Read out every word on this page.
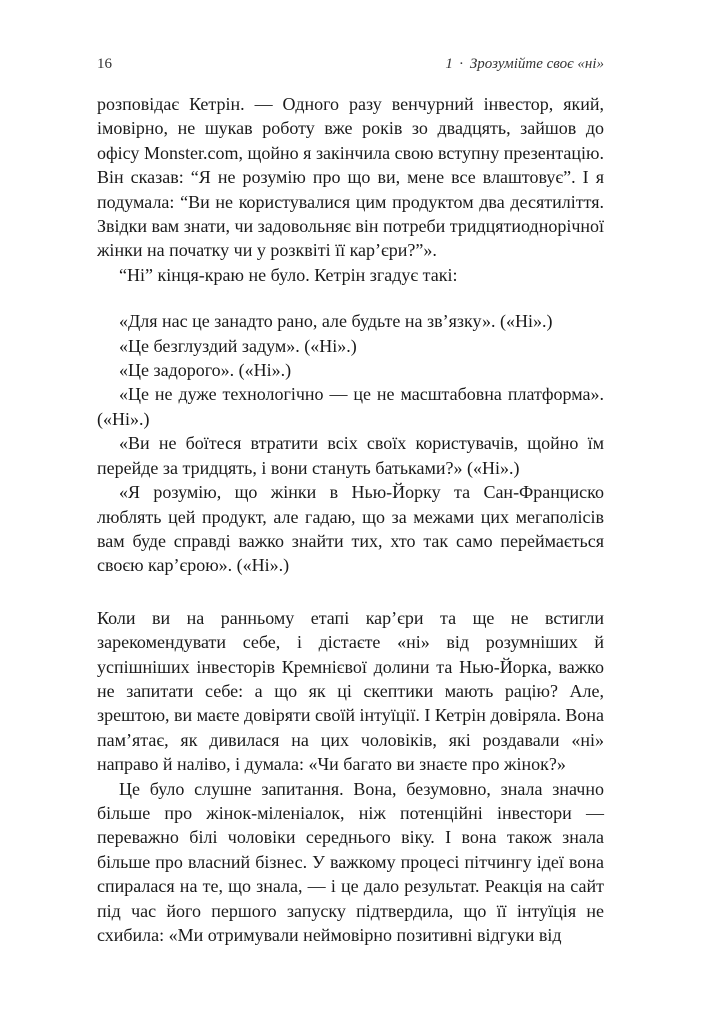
16	1 · Зрозумійте своє «ні»

розповідає Кетрін. — Одного разу венчурний інвестор, який, імовірно, не шукав роботу вже років зо двадцять, зайшов до офісу Monster.com, щойно я закінчила свою вступну презентацію. Він сказав: “Я не розумію про що ви, мене все влаштовує”. І я подумала: “Ви не користувалися цим продуктом два десятиліття. Звідки вам знати, чи задовольняє він потреби тридцятиоднорічної жінки на початку чи у розквіті її кар’єри?”».

“Ні” кінця-краю не було. Кетрін згадує такі:

«Для нас це занадто рано, але будьте на зв’язку». («Ні».)

«Це безглуздий задум». («Ні».)

«Це задорого». («Ні».)

«Це не дуже технологічно — це не масштабовна платформа». («Ні».)

«Ви не боїтеся втратити всіх своїх користувачів, щойно їм перейде за тридцять, і вони стануть батьками?» («Ні».)

«Я розумію, що жінки в Нью-Йорку та Сан-Франциско люблять цей продукт, але гадаю, що за межами цих мегаполісів вам буде справді важко знайти тих, хто так само переймається своєю кар’єрою». («Ні».)

Коли ви на ранньому етапі кар’єри та ще не встигли зарекомендувати себе, і дістаєте «ні» від розумніших й успішніших інвесторів Кремнієвої долини та Нью-Йорка, важко не запитати себе: а що як ці скептики мають рацію? Але, зрештою, ви маєте довіряти своїй інтуїції. І Кетрін довіряла. Вона пам’ятає, як дивилася на цих чоловіків, які роздавали «ні» направо й наліво, і думала: «Чи багато ви знаєте про жінок?»

Це було слушне запитання. Вона, безумовно, знала значно більше про жінок-міленіалок, ніж потенційні інвестори — переважно білі чоловіки середнього віку. І вона також знала більше про власний бізнес. У важкому процесі пітчингу ідеї вона спиралася на те, що знала, — і це дало результат. Реакція на сайт під час його першого запуску підтвердила, що її інтуїція не схибила: «Ми отримували неймовірно позитивні відгуки від
